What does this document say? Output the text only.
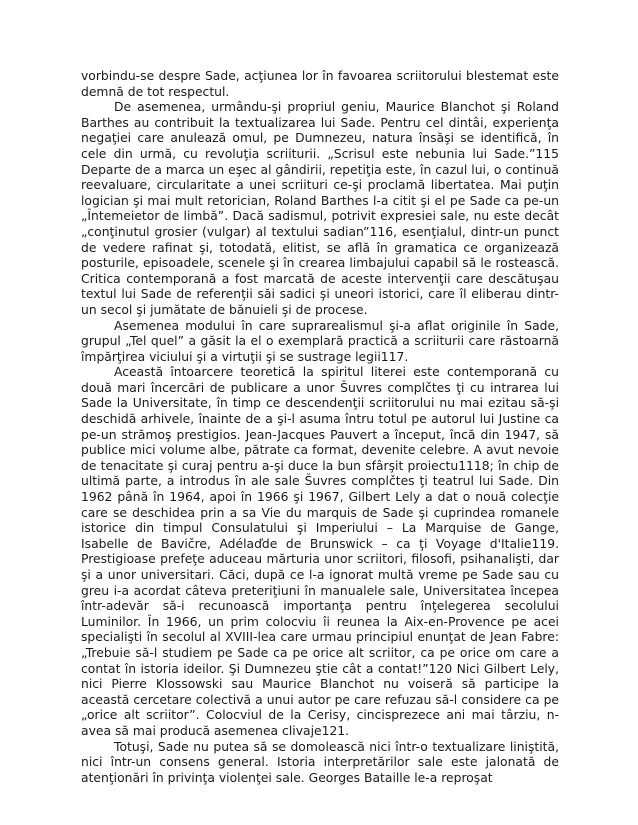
vorbindu-se despre Sade, acţiunea lor în favoarea scriitorului blestemat este demnă de tot respectul.

De asemenea, urmându-şi propriul geniu, Maurice Blanchot şi Roland Barthes au contribuit la textualizarea lui Sade. Pentru cel dintâi, experienţa negaţiei care anulează omul, pe Dumnezeu, natura însăşi se identifică, în cele din urmă, cu revoluţia scriiturii. „Scrisul este nebunia lui Sade.”115 Departe de a marca un eşec al gândirii, repetiţia este, în cazul lui, o continuă reevaluare, circularitate a unei scriituri ce-şi proclamă libertatea. Mai puţin logician şi mai mult retorician, Roland Barthes l-a citit şi el pe Sade ca pe-un „Întemeietor de limbă”. Dacă sadismul, potrivit expresiei sale, nu este decât „conţinutul grosier (vulgar) al textului sadian”116, esenţialul, dintr-un punct de vedere rafinat şi, totodată, elitist, se află în gramatica ce organizează posturile, episoadele, scenele şi în crearea limbajului capabil să le rostească. Critica contemporană a fost marcată de aceste intervenţii care descătuşau textul lui Sade de referenţii săi sadici şi uneori istorici, care îl eliberau dintr-un secol şi jumătate de bănuieli şi de procese.

Asemenea modului în care suprarealismul şi-a aflat originile în Sade, grupul „Tel quel” a găsit la el o exemplară practică a scriiturii care răstoarnă împărţirea viciului şi a virtuţii şi se sustrage legii117.

Această întoarcere teoretică la spiritul literei este contemporană cu două mari încercări de publicare a unor Šuvres complčtes ţi cu intrarea lui Sade la Universitate, în timp ce descendenţii scriitorului nu mai ezitau să-şi deschidă arhivele, înainte de a şi-l asuma întru totul pe autorul lui Justine ca pe-un strămoş prestigios. Jean-Jacques Pauvert a început, încă din 1947, să publice mici volume albe, pătrate ca format, devenite celebre. A avut nevoie de tenacitate şi curaj pentru a-şi duce la bun sfârşit proiectu1118; în chip de ultimă parte, a introdus în ale sale Šuvres complčtes ţi teatrul lui Sade. Din 1962 până în 1964, apoi în 1966 şi 1967, Gilbert Lely a dat o nouă colecţie care se deschidea prin a sa Vie du marquis de Sade şi cuprindea romanele istorice din timpul Consulatului şi Imperiului – La Marquise de Gange, Isabelle de Bavičre, Adélaďde de Brunswick – ca ţi Voyage d'Italie119. Prestigioase prefeţe aduceau mărturia unor scriitori, filosofi, psihanalişti, dar şi a unor universitari. Căci, după ce l-a ignorat multă vreme pe Sade sau cu greu i-a acordat câteva preteriţiuni în manualele sale, Universitatea începea într-adevăr să-i recunoască importanţa pentru înţelegerea secolului Luminilor. În 1966, un prim colocviu îi reunea la Aix-en-Provence pe acei specialişti în secolul al XVIII-lea care urmau principiul enunţat de Jean Fabre: „Trebuie să-l studiem pe Sade ca pe orice alt scriitor, ca pe orice om care a contat în istoria ideilor. Şi Dumnezeu ştie cât a contat!”120 Nici Gilbert Lely, nici Pierre Klossowski sau Maurice Blanchot nu voiseră să participe la această cercetare colectivă a unui autor pe care refuzau să-l considere ca pe „orice alt scriitor”. Colocviul de la Cerisy, cincisprezece ani mai târziu, n-avea să mai producă asemenea clivaje121.

Totuşi, Sade nu putea să se domolească nici într-o textualizare liniştită, nici într-un consens general. Istoria interpretărilor sale este jalonată de atenţionări în privinţa violenţei sale. Georges Bataille le-a reproşat
